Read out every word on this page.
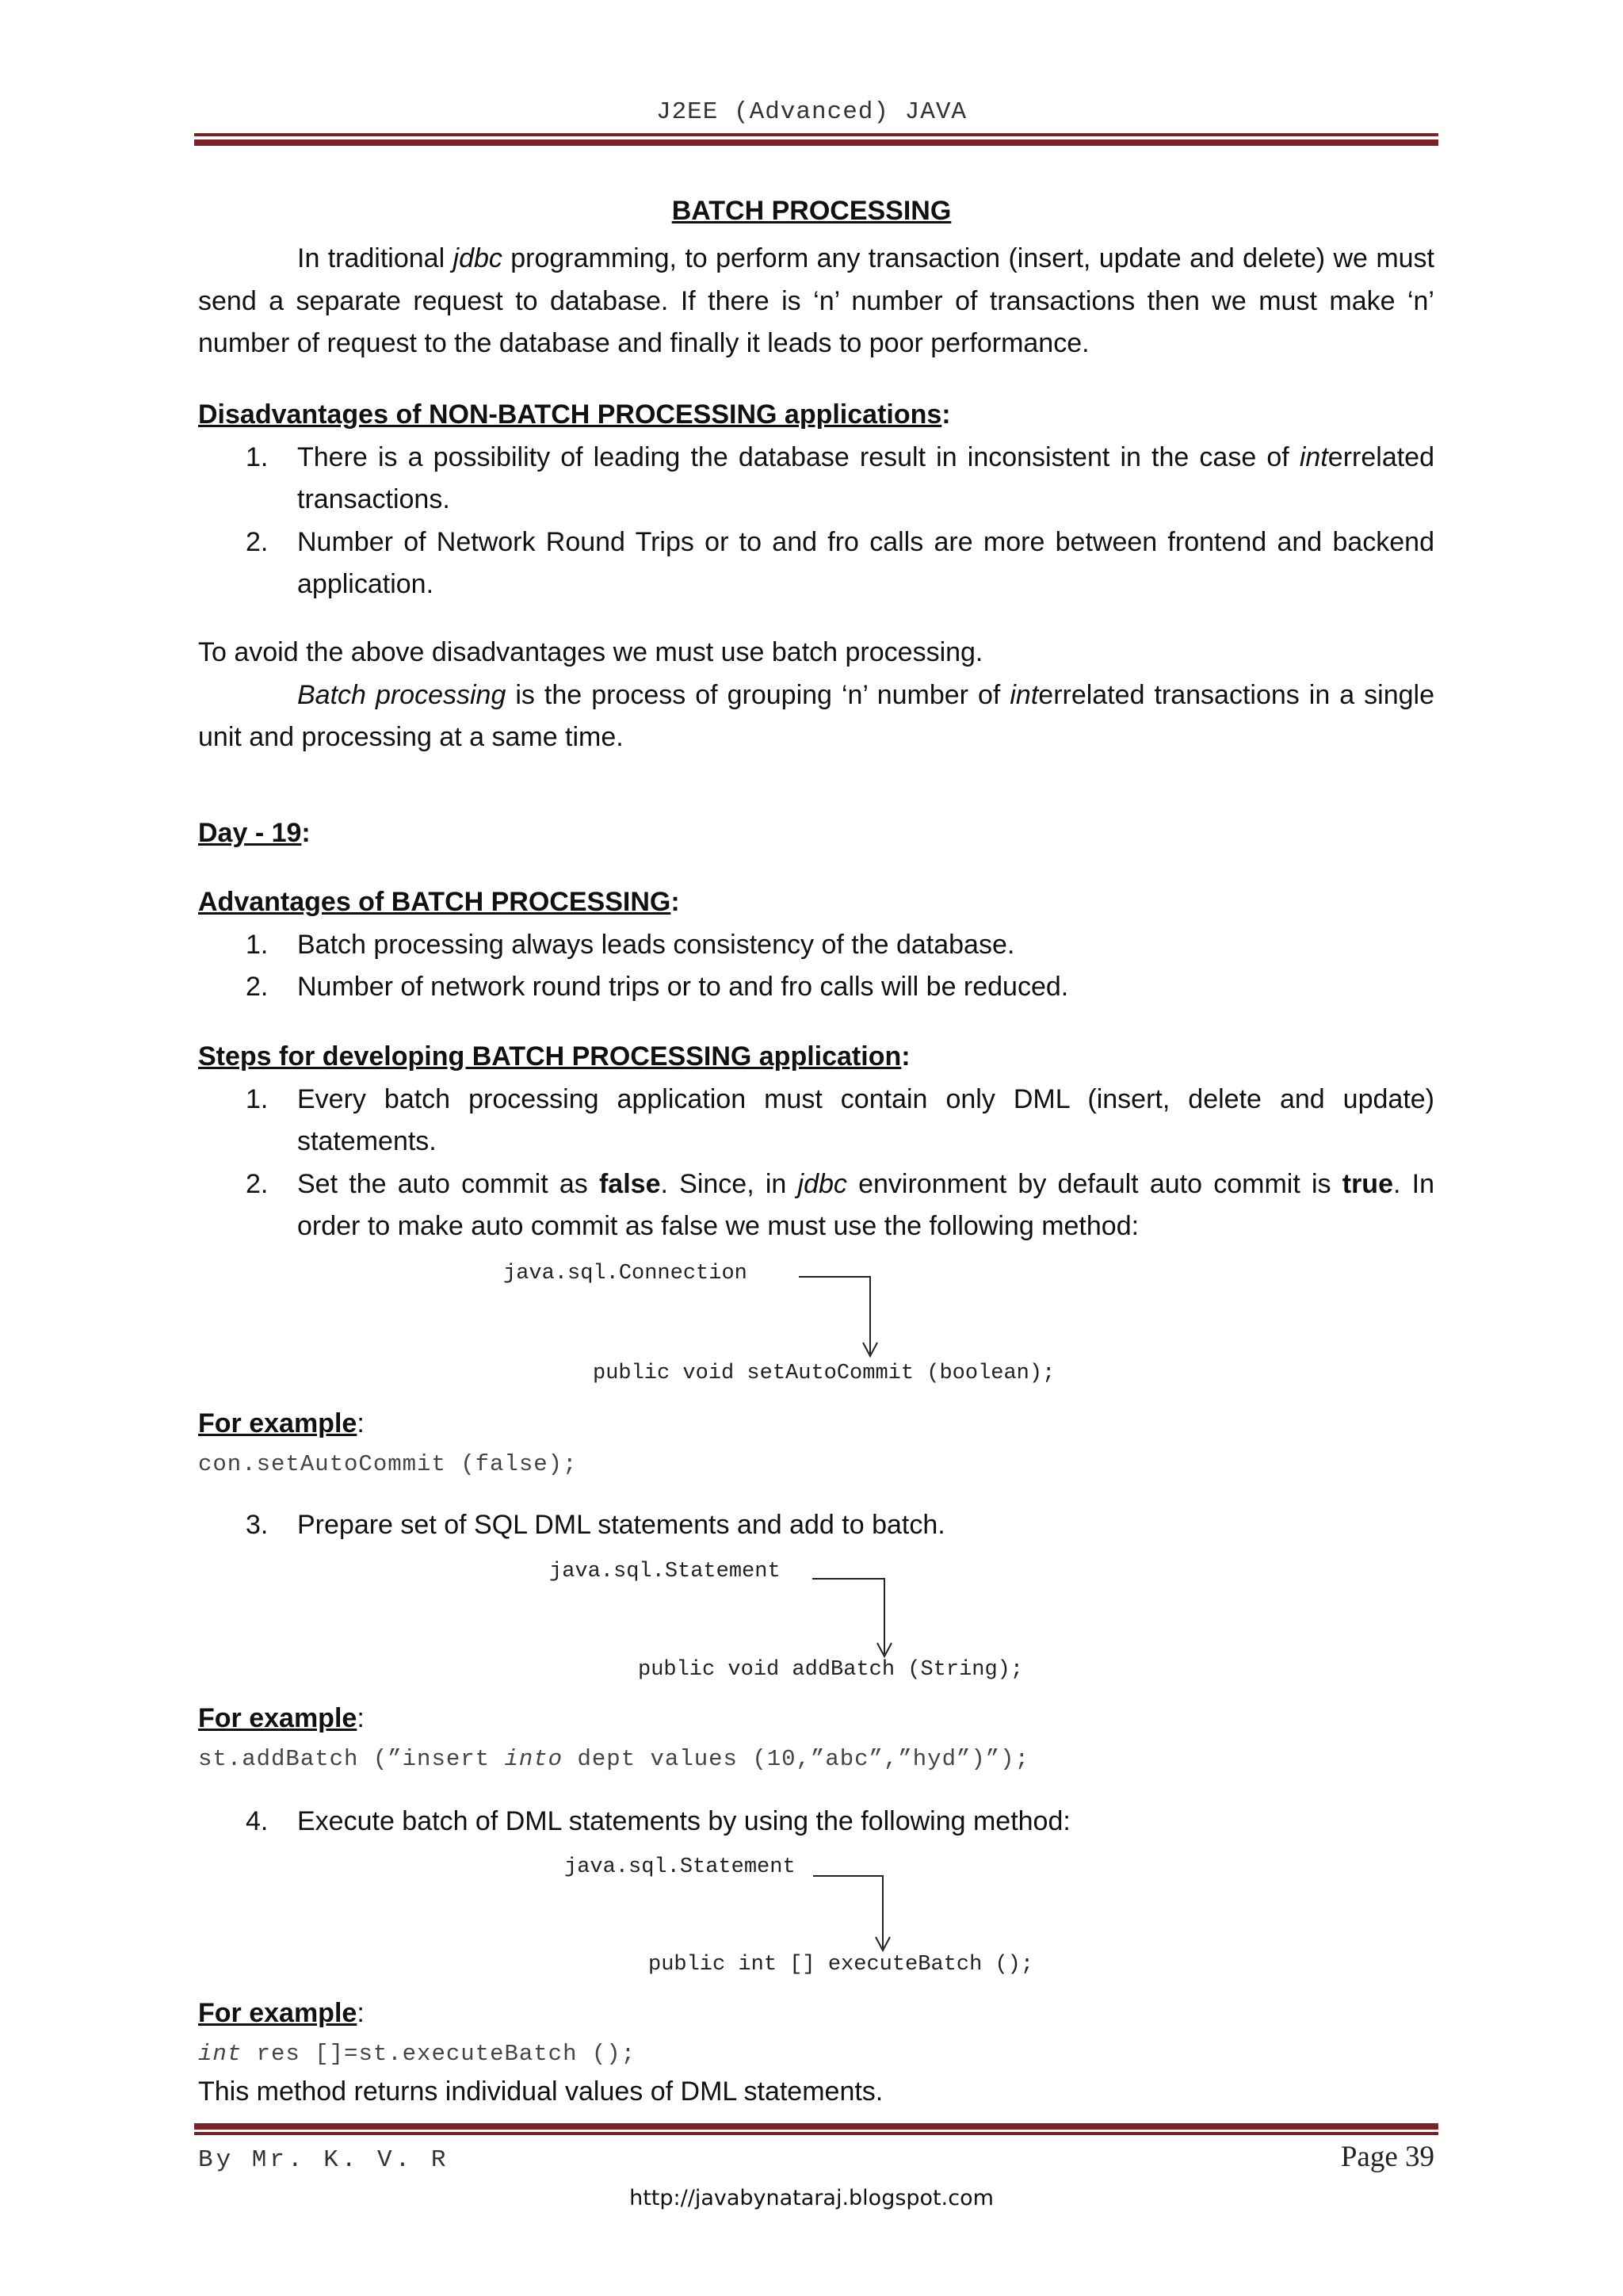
J2EE (Advanced) JAVA
BATCH PROCESSING

In traditional jdbc programming, to perform any transaction (insert, update and delete) we must send a separate request to database. If there is ‘n’ number of transactions then we must make ‘n’ number of request to the database and finally it leads to poor performance.

Disadvantages of NON-BATCH PROCESSING applications:
1. There is a possibility of leading the database result in inconsistent in the case of interrelated transactions.
2. Number of Network Round Trips or to and fro calls are more between frontend and backend application.

To avoid the above disadvantages we must use batch processing.

Batch processing is the process of grouping ‘n’ number of interrelated transactions in a single unit and processing at a same time.

Day - 19:
Advantages of BATCH PROCESSING:
1. Batch processing always leads consistency of the database.
2. Number of network round trips or to and fro calls will be reduced.
Steps for developing BATCH PROCESSING application:
1. Every batch processing application must contain only DML (insert, delete and update) statements.
2. Set the auto commit as false. Since, in jdbc environment by default auto commit is true. In order to make auto commit as false we must use the following method:
java.sql.Connection
public void setAutoCommit (boolean);
For example:
con.setAutoCommit (false);
3. Prepare set of SQL DML statements and add to batch.
java.sql.Statement
public void addBatch (String);
For example:
st.addBatch (”insert into dept values (10,”abc”,”hyd”)”);
4. Execute batch of DML statements by using the following method:
java.sql.Statement
public int [] executeBatch ();
For example:
int res []=st.executeBatch ();
This method returns individual values of DML statements.
By Mr. K. V. R	Page 39
http://javabynataraj.blogspot.com
